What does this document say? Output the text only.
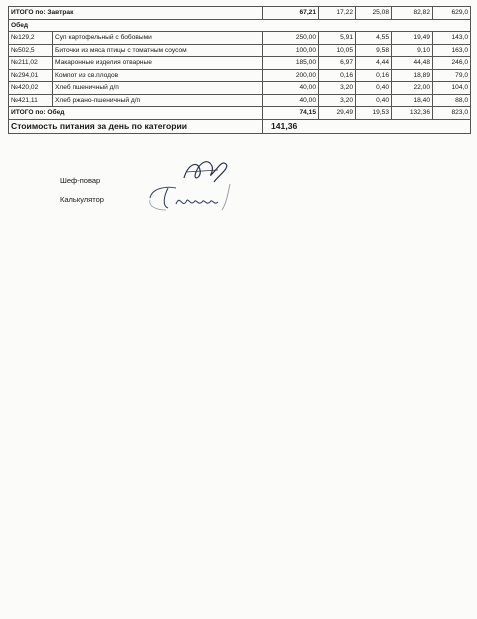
ИТОГО по: Завтрак		67,21	17,22	25,08	82,82	629,0
Обед						
№129,2	Суп картофельный с бобовыми	250,00	5,91	4,55	19,49	143,0
№502,5	Биточки из мяса птицы с томатным соусом	100,00	10,05	9,58	9,10	163,0
№211,02	Макаронные изделия отварные	185,00	6,97	4,44	44,48	246,0
№294,01	Компот из св.плодов	200,00	0,16	0,16	18,89	79,0
№420,02	Хлеб пшеничный д/п	40,00	3,20	0,40	22,00	104,0
№421,11	Хлеб ржано-пшеничный д/п	40,00	3,20	0,40	18,40	88,0
ИТОГО по: Обед		74,15	29,49	19,53	132,36	823,0
Стоимость питания за день по категории		141,36				
Шеф-повар
Калькулятор
